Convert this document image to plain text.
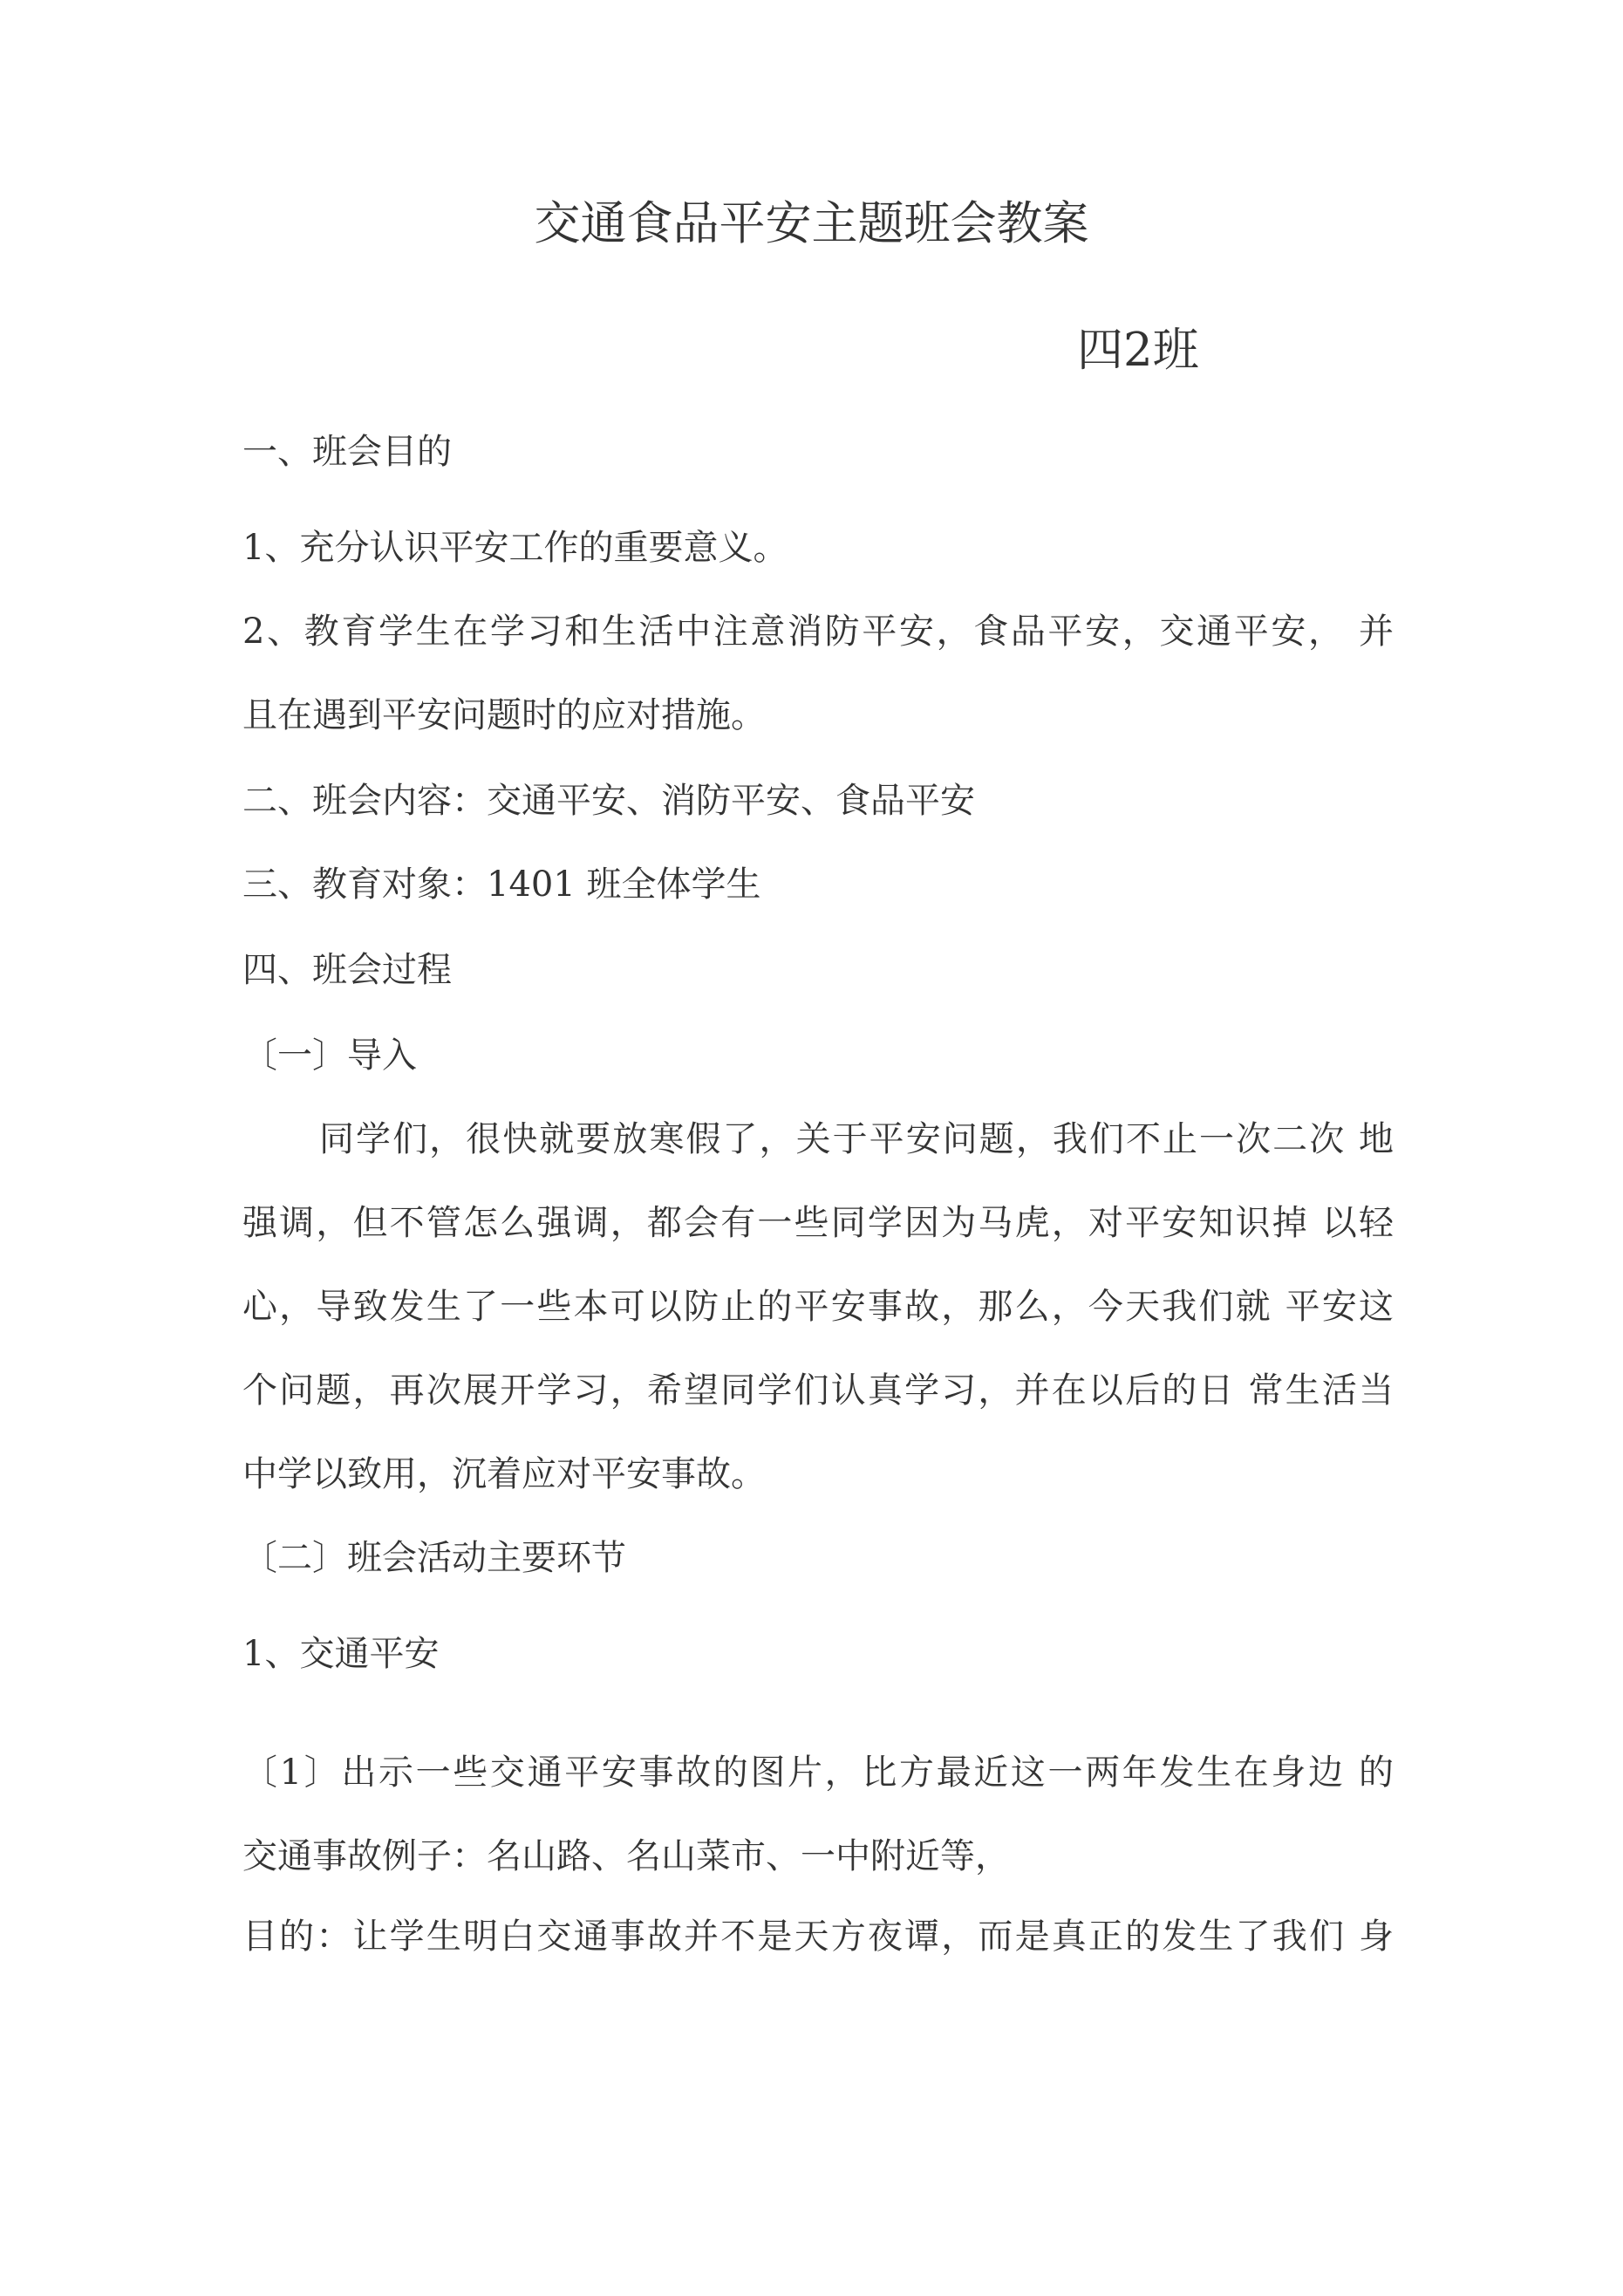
交通食品平安主题班会教案
四2班
一、班会目的
1、充分认识平安工作的重要意义。
2、教育学生在学习和生活中注意消防平安，食品平安，交通平安， 并
且在遇到平安问题时的应对措施。
二、班会内容：交通平安、消防平安、食品平安
三、教育对象：1401 班全体学生
四、班会过程
〔一〕导入
同学们，很快就要放寒假了，关于平安问题，我们不止一次二次 地
强调，但不管怎么强调，都会有一些同学因为马虎，对平安知识掉 以轻
心，导致发生了一些本可以防止的平安事故，那么，今天我们就 平安这
个问题，再次展开学习，希望同学们认真学习，并在以后的日 常生活当
中学以致用，沉着应对平安事故。
〔二〕班会活动主要环节
1、交通平安
〔1〕出示一些交通平安事故的图片，比方最近这一两年发生在身边 的
交通事故例子：名山路、名山菜市、一中附近等，
目的：让学生明白交通事故并不是天方夜谭，而是真正的发生了我们 身
